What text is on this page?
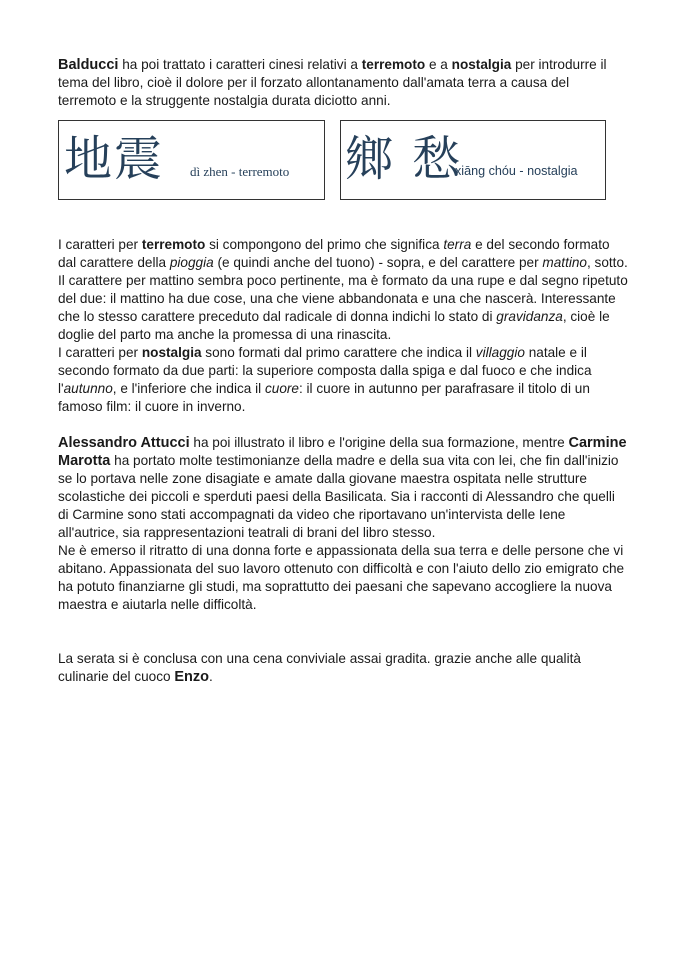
Balducci ha poi trattato i caratteri cinesi relativi a terremoto e a nostalgia per introdurre il tema del libro, cioè il dolore per il forzato allontanamento dall'amata terra a causa del terremoto e la struggente nostalgia durata diciotto anni.

地震 dì zhen - terremoto 鄉 愁
xiāng chóu - nostalgia

I caratteri per terremoto si compongono del primo che significa terra e del secondo formato dal carattere della pioggia (e quindi anche del tuono) - sopra, e del carattere per mattino, sotto. Il carattere per mattino sembra poco pertinente, ma è formato da una rupe e dal segno ripetuto del due: il mattino ha due cose, una che viene abbandonata e una che nascerà. Interessante che lo stesso carattere preceduto dal radicale di donna indichi lo stato di gravidanza, cioè le doglie del parto ma anche la promessa di una rinascita.

I caratteri per nostalgia sono formati dal primo carattere che indica il villaggio natale e il secondo formato da due parti: la superiore composta dalla spiga e dal fuoco e che indica l'autunno, e l'inferiore che indica il cuore: il cuore in autunno per parafrasare il titolo di un famoso film: il cuore in inverno.

Alessandro Attucci ha poi illustrato il libro e l'origine della sua formazione, mentre Carmine Marotta ha portato molte testimonianze della madre e della sua vita con lei, che fin dall'inizio se lo portava nelle zone disagiate e amate dalla giovane maestra ospitata nelle strutture scolastiche dei piccoli e sperduti paesi della Basilicata. Sia i racconti di Alessandro che quelli di Carmine sono stati accompagnati da video che riportavano un'intervista delle Iene all'autrice, sia rappresentazioni teatrali di brani del libro stesso.

Ne è emerso il ritratto di una donna forte e appassionata della sua terra e delle persone che vi abitano. Appassionata del suo lavoro ottenuto con difficoltà e con l'aiuto dello zio emigrato che ha potuto finanziarne gli studi, ma soprattutto dei paesani che sapevano accogliere la nuova maestra e aiutarla nelle difficoltà.

La serata si è conclusa con una cena conviviale assai gradita. grazie anche alle qualità culinarie del cuoco Enzo.
